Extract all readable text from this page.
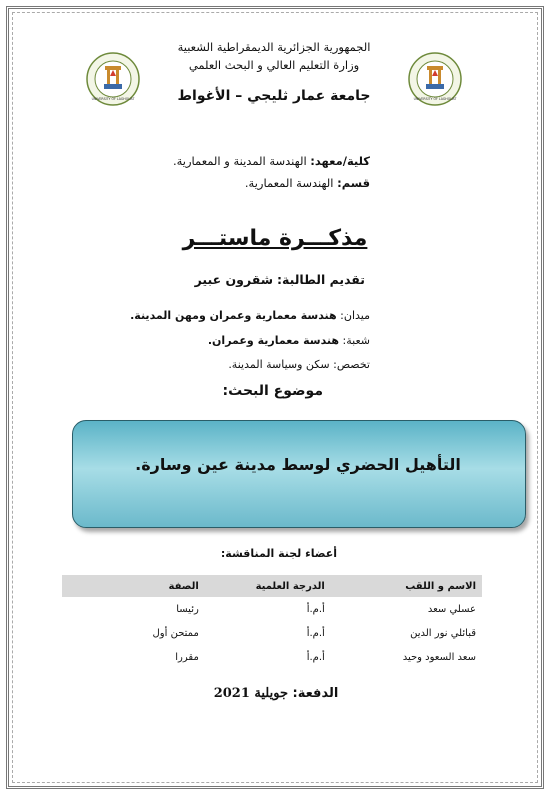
UNIVERSITY OF LAGHOUAT	UNIVERSITY OF LAGHOUAT
الجمهورية الجزائرية الديمقراطية الشعبية
وزارة التعليم العالي و البحث العلمي
جامعة عمار ثليجي – الأغواط
كلية/معهد: الهندسة المدينة و المعمارية.
قسم: الهندسة المعمارية.
مذكـــرة ماستـــر
تقديم الطالبة: شقرون عبير
ميدان: هندسة معمارية وعمران ومهن المدينة.
شعبة: هندسة معمارية وعمران.
تخصص: سكن وسياسة المدينة.
موضوع البحث:
التأهيل الحضري لوسط مدينة عين وسارة.
أعضاء لجنة المناقشة:
الاسم و اللقب	الدرجة العلمية	الصفة
عسلي سعد	أ.م.أ	رئيسا
قبائلي نور الدين	أ.م.أ	ممتحن أول
سعد السعود وحيد	أ.م.أ	مقررا
الدفعة: جويلية 2021
